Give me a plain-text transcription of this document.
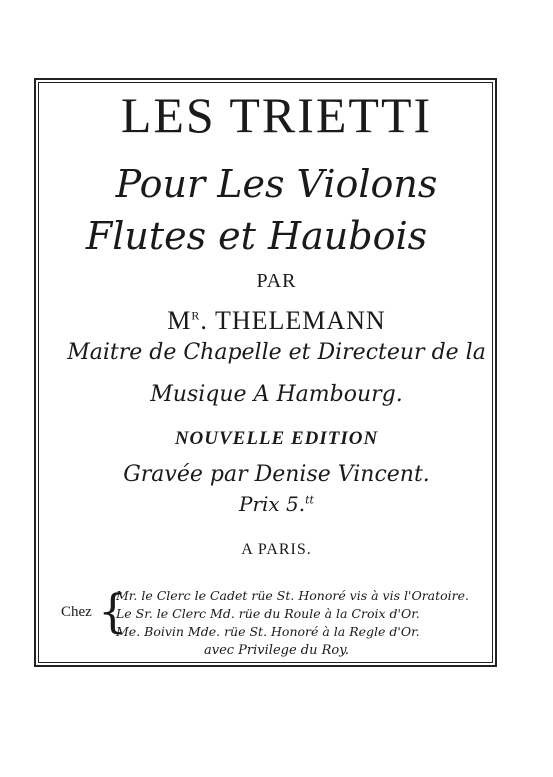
LES TRIETTI
Pour Les Violons
Flutes et Haubois
PAR
$M^R$. THELEMANN
Maitre de Chapelle et Directeur de la
Musique A Hambourg.
NOUVELLE EDITION
Gravée par Denise Vincent.
Prix 5.$^{tt}$
A PARIS.
Chez {
Mr. le Clerc le Cadet rüe St. Honoré vis à vis l'Oratoire.
Le Sr. le Clerc Md. rüe du Roule à la Croix d'Or.
Me. Boivin Mde. rüe St. Honoré à la Regle d'Or.
avec Privilege du Roy.
